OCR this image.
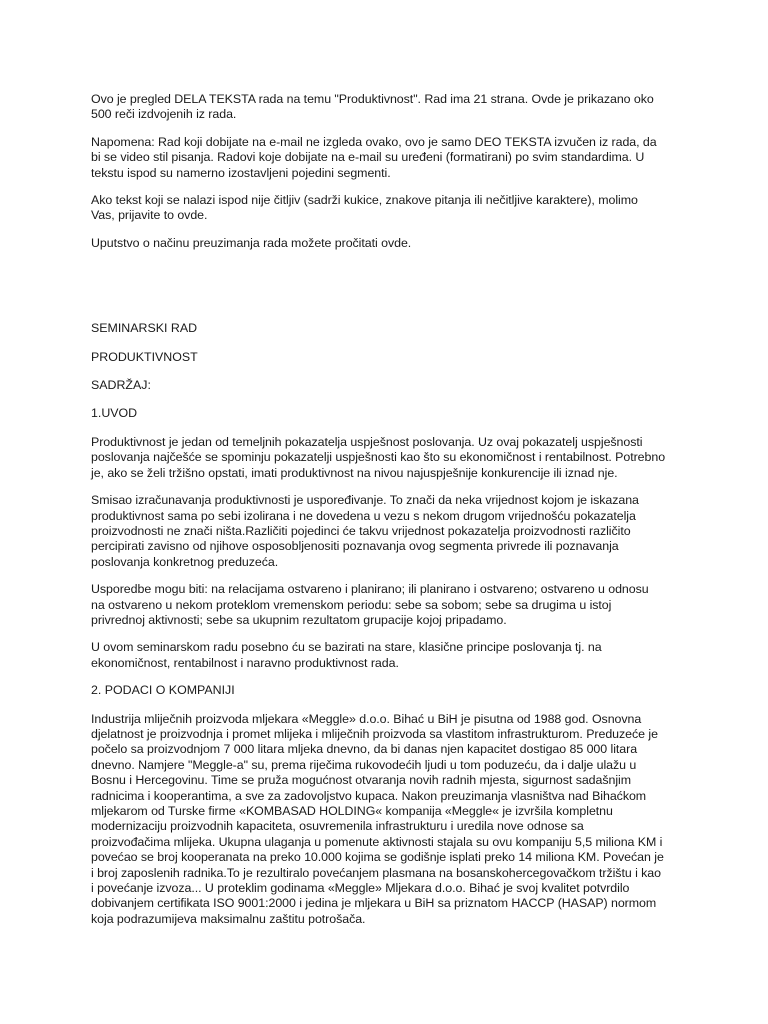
Ovo je pregled DELA TEKSTA rada na temu "Produktivnost". Rad ima 21 strana. Ovde je prikazano oko
500 reči izdvojenih iz rada.

Napomena: Rad koji dobijate na e-mail ne izgleda ovako, ovo je samo DEO TEKSTA izvučen iz rada, da
bi se video stil pisanja. Radovi koje dobijate na e-mail su uređeni (formatirani) po svim standardima. U
tekstu ispod su namerno izostavljeni pojedini segmenti.

Ako tekst koji se nalazi ispod nije čitljiv (sadrži kukice, znakove pitanja ili nečitljive karaktere), molimo
Vas, prijavite to ovde.

Uputstvo o načinu preuzimanja rada možete pročitati ovde.

SEMINARSKI RAD

PRODUKTIVNOST

SADRŽAJ:

1.UVOD

Produktivnost je jedan od temeljnih pokazatelja uspješnost poslovanja. Uz ovaj pokazatelj uspješnosti
poslovanja najčešće se spominju pokazatelji uspješnosti kao što su ekonomičnost i rentabilnost. Potrebno
je, ako se želi tržišno opstati, imati produktivnost na nivou najuspješnije konkurencije ili iznad nje.

Smisao izračunavanja produktivnosti je uspoređivanje. To znači da neka vrijednost kojom je iskazana
produktivnost sama po sebi izolirana i ne dovedena u vezu s nekom drugom vrijednošću pokazatelja
proizvodnosti ne znači ništa.Različiti pojedinci će takvu vrijednost pokazatelja proizvodnosti različito
percipirati zavisno od njihove osposobljenositi poznavanja ovog segmenta privrede ili poznavanja
poslovanja konkretnog preduzeća.

Usporedbe mogu biti: na relacijama ostvareno i planirano; ili planirano i ostvareno; ostvareno u odnosu
na ostvareno u nekom proteklom vremenskom periodu: sebe sa sobom; sebe sa drugima u istoj
privrednoj aktivnosti; sebe sa ukupnim rezultatom grupacije kojoj pripadamo.

U ovom seminarskom radu posebno ću se bazirati na stare, klasične principe poslovanja tj. na
ekonomičnost, rentabilnost i naravno produktivnost rada.

2. PODACI O KOMPANIJI

Industrija mliječnih proizvoda mljekara «Meggle» d.o.o. Bihać u BiH je pisutna od 1988 god. Osnovna
djelatnost je proizvodnja i promet mlijeka i mliječnih proizvoda sa vlastitom infrastrukturom. Preduzeće je
počelo sa proizvodnjom 7 000 litara mljeka dnevno, da bi danas njen kapacitet dostigao 85 000 litara
dnevno. Namjere "Meggle-a" su, prema riječima rukovodećih ljudi u tom poduzeću, da i dalje ulažu u
Bosnu i Hercegovinu. Time se pruža mogućnost otvaranja novih radnih mjesta, sigurnost sadašnjim
radnicima i kooperantima, a sve za zadovoljstvo kupaca. Nakon preuzimanja vlasništva nad Bihaćkom
mljekarom od Turske firme «KOMBASAD HOLDING« kompanija «Meggle« je izvršila kompletnu
modernizaciju proizvodnih kapaciteta, osuvremenila infrastrukturu i uredila nove odnose sa
proizvođačima mlijeka. Ukupna ulaganja u pomenute aktivnosti stajala su ovu kompaniju 5,5 miliona KM i
povećao se broj kooperanata na preko 10.000 kojima se godišnje isplati preko 14 miliona KM. Povećan je
i broj zaposlenih radnika.To je rezultiralo povećanjem plasmana na bosanskohercegovačkom tržištu i kao
i povećanje izvoza... U proteklim godinama «Meggle» Mljekara d.o.o. Bihać je svoj kvalitet potvrdilo
dobivanjem certifikata ISO 9001:2000 i jedina je mljekara u BiH sa priznatom HACCP (HASAP) normom
koja podrazumijeva maksimalnu zaštitu potrošača.
